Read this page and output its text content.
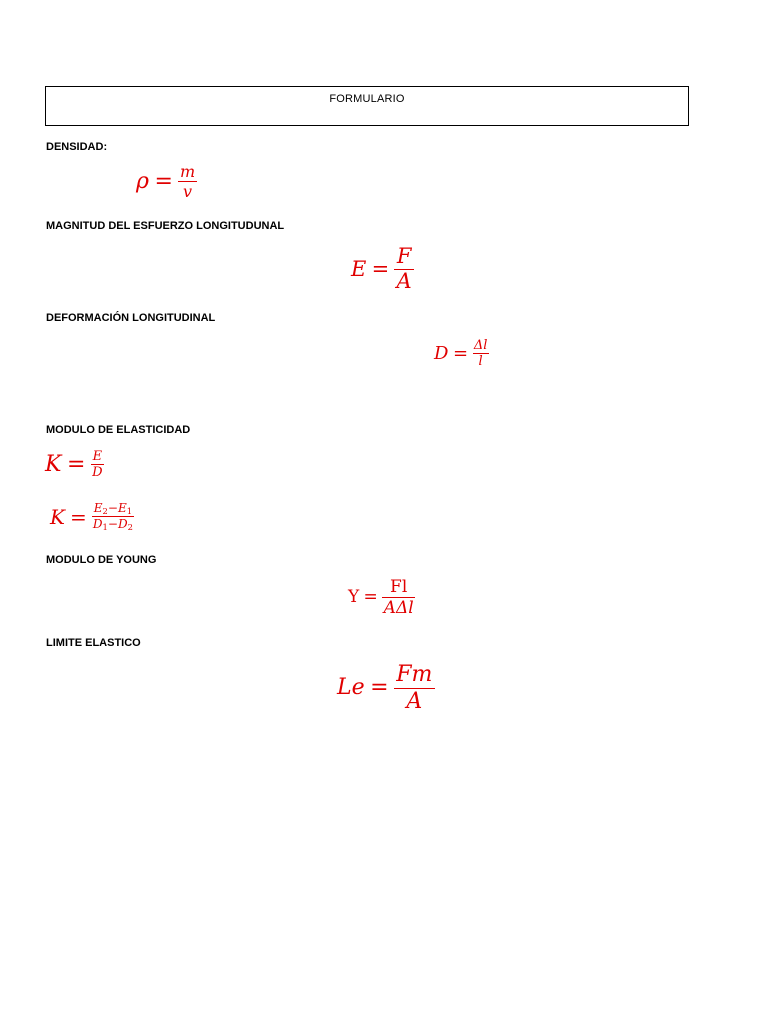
FORMULARIO
DENSIDAD:
$\rho = \frac{m}{v}$
MAGNITUD DEL ESFUERZO LONGITUDUNAL
$E = \frac{F}{A}$
DEFORMACIÓN LONGITUDINAL
$D = \frac{\Delta l}{l}$
MODULO DE ELASTICIDAD
$K = \frac{E}{D}$
$K = \frac{E_2-E_1}{D_1-D_2}$
MODULO DE YOUNG
$Y = \frac{Fl}{\text{AΔl}}$
LIMITE ELASTICO
$Le = \frac{Fm}{A}$
